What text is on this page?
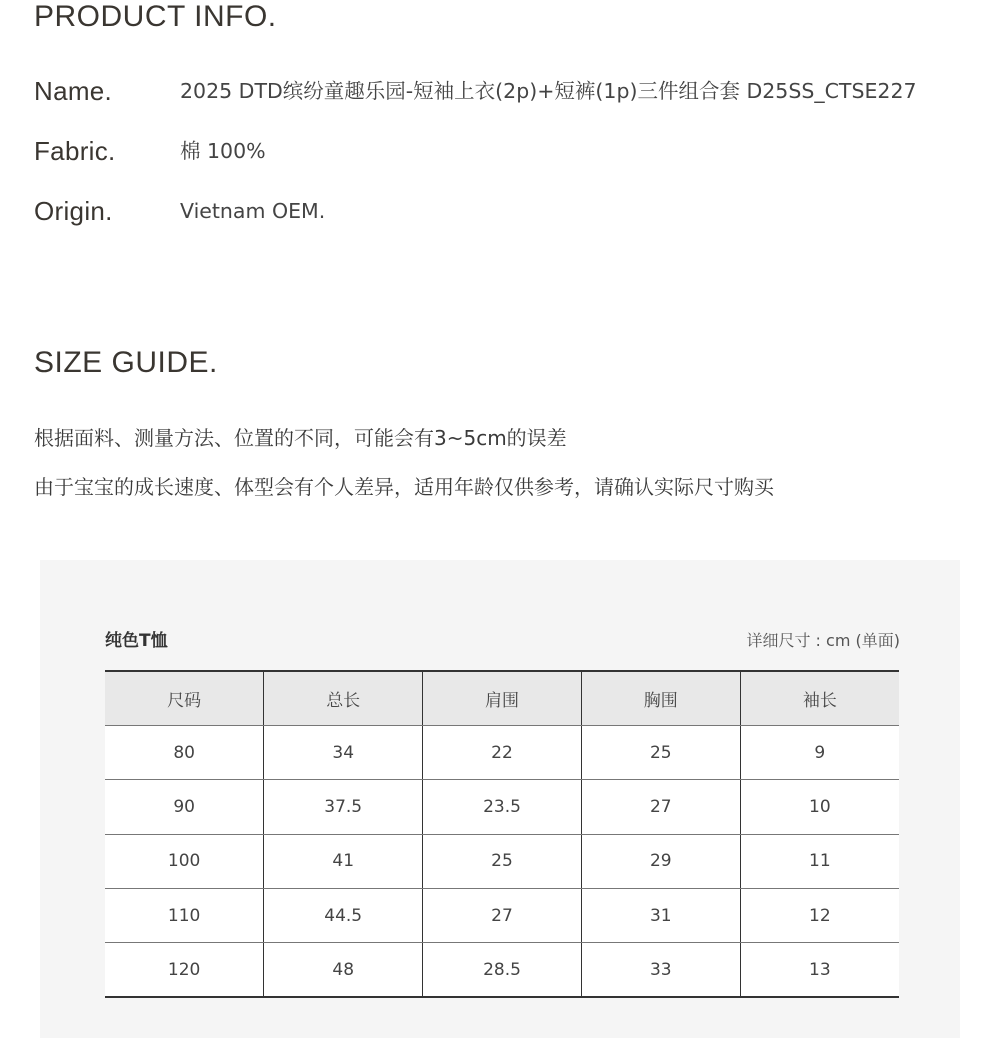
PRODUCT INFO.
Name.	2025 DTD缤纷童趣乐园-短袖上衣(2p)+短裤(1p)三件组合套 D25SS_CTSE227
Fabric.	棉 100%
Origin.	Vietnam OEM.
SIZE GUIDE.
根据面料、测量方法、位置的不同，可能会有3~5cm的误差
由于宝宝的成长速度、体型会有个人差异，适用年龄仅供参考，请确认实际尺寸购买
纯色T恤	详细尺寸 : cm (单面)
尺码	总长	肩围	胸围	袖长
80	34	22	25	9
90	37.5	23.5	27	10
100	41	25	29	11
110	44.5	27	31	12
120	48	28.5	33	13
